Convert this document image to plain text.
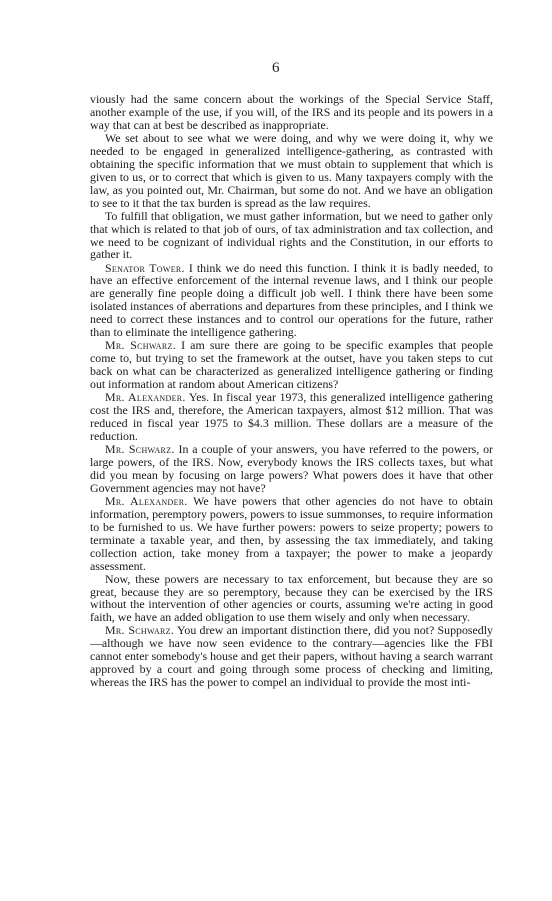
6

viously had the same concern about the workings of the Special Service Staff, another example of the use, if you will, of the IRS and its people and its powers in a way that can at best be described as inappropriate.

We set about to see what we were doing, and why we were doing it, why we needed to be engaged in generalized intelligence-gathering, as contrasted with obtaining the specific information that we must obtain to supplement that which is given to us, or to correct that which is given to us. Many taxpayers comply with the law, as you pointed out, Mr. Chairman, but some do not. And we have an obligation to see to it that the tax burden is spread as the law requires.

To fulfill that obligation, we must gather information, but we need to gather only that which is related to that job of ours, of tax administration and tax collection, and we need to be cognizant of individual rights and the Constitution, in our efforts to gather it.

Senator Tower. I think we do need this function. I think it is badly needed, to have an effective enforcement of the internal revenue laws, and I think our people are generally fine people doing a difficult job well. I think there have been some isolated instances of aberrations and departures from these principles, and I think we need to correct these instances and to control our operations for the future, rather than to eliminate the intelligence gathering.

Mr. Schwarz. I am sure there are going to be specific examples that people come to, but trying to set the framework at the outset, have you taken steps to cut back on what can be characterized as generalized intelligence gathering or finding out information at random about American citizens?

Mr. Alexander. Yes. In fiscal year 1973, this generalized intelligence gathering cost the IRS and, therefore, the American taxpayers, almost $12 million. That was reduced in fiscal year 1975 to $4.3 million. These dollars are a measure of the reduction.

Mr. Schwarz. In a couple of your answers, you have referred to the powers, or large powers, of the IRS. Now, everybody knows the IRS collects taxes, but what did you mean by focusing on large powers? What powers does it have that other Government agencies may not have?

Mr. Alexander. We have powers that other agencies do not have to obtain information, peremptory powers, powers to issue summonses, to require information to be furnished to us. We have further powers: powers to seize property; powers to terminate a taxable year, and then, by assessing the tax immediately, and taking collection action, take money from a taxpayer; the power to make a jeopardy assessment.

Now, these powers are necessary to tax enforcement, but because they are so great, because they are so peremptory, because they can be exercised by the IRS without the intervention of other agencies or courts, assuming we're acting in good faith, we have an added obligation to use them wisely and only when necessary.

Mr. Schwarz. You drew an important distinction there, did you not? Supposedly—although we have now seen evidence to the contrary—agencies like the FBI cannot enter somebody's house and get their papers, without having a search warrant approved by a court and going through some process of checking and limiting, whereas the IRS has the power to compel an individual to provide the most inti-
